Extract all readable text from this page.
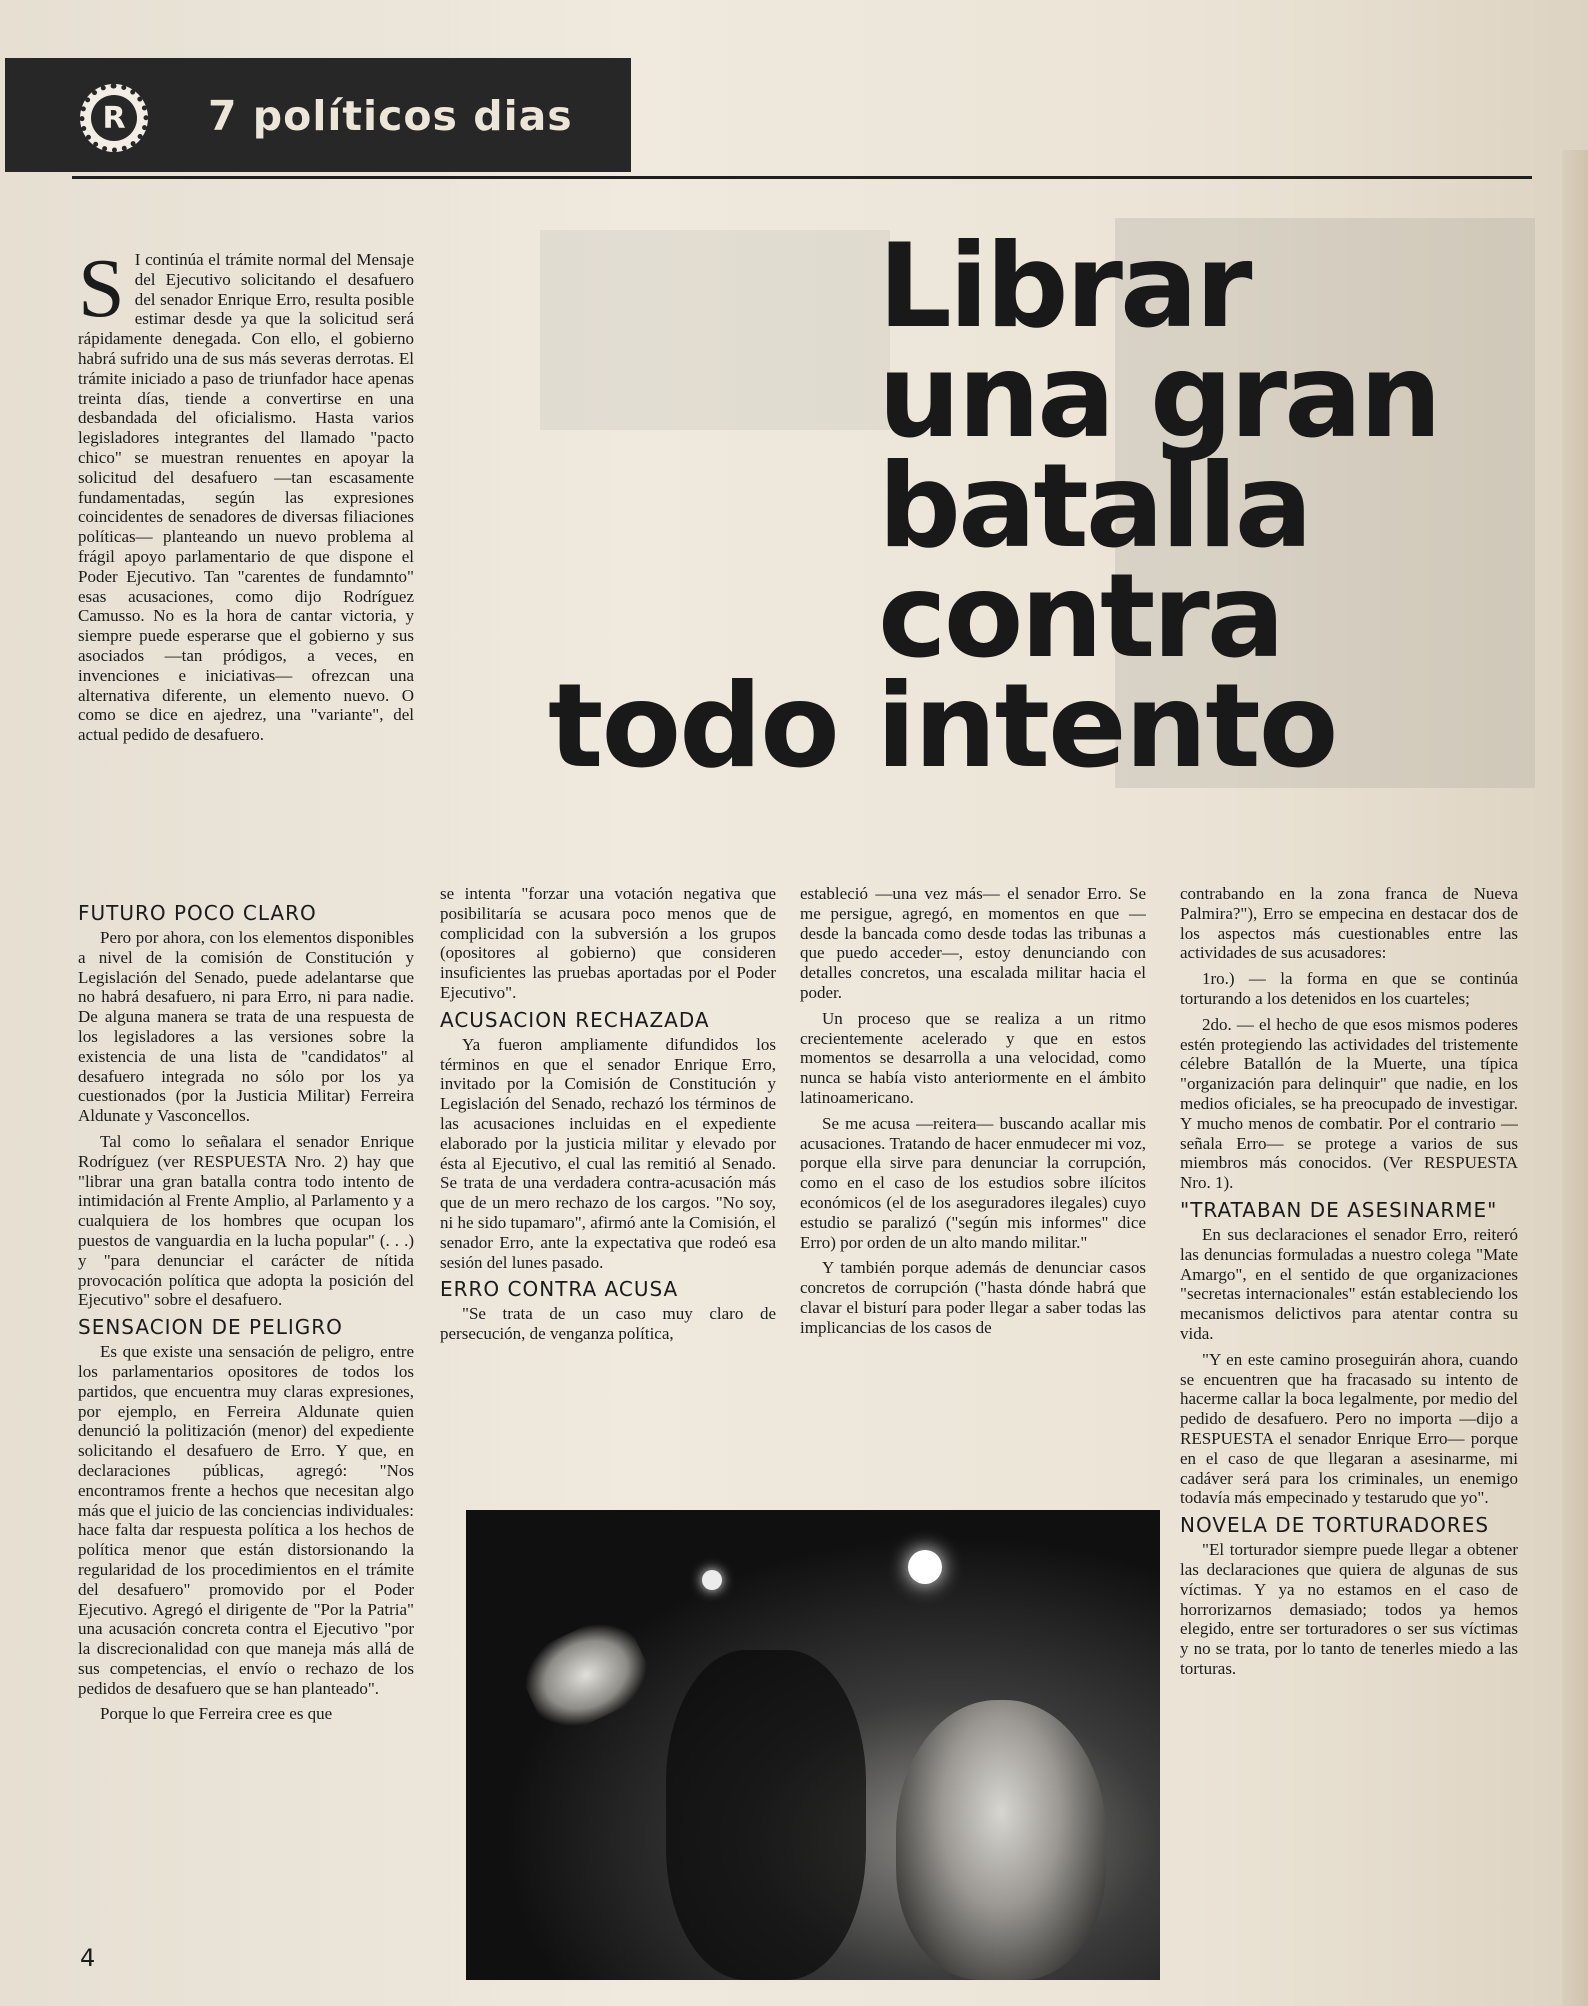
R 7 políticos dias
Librar
una gran
batalla
contra
todo intento
S I continúa el trámite normal del Mensaje del Ejecutivo solicitando el desafuero del senador Enrique Erro, resulta posible estimar desde ya que la solicitud será rápidamente denegada. Con ello, el gobierno habrá sufrido una de sus más severas derrotas. El trámite iniciado a paso de triunfador hace apenas treinta días, tiende a convertirse en una desbandada del oficialismo. Hasta varios legisladores integrantes del llamado "pacto chico" se muestran renuentes en apoyar la solicitud del desafuero —tan escasamente fundamentadas, según las expresiones coincidentes de senadores de diversas filiaciones políticas— planteando un nuevo problema al frágil apoyo parlamentario de que dispone el Poder Ejecutivo. Tan "carentes de fundamnto" esas acusaciones, como dijo Rodríguez Camusso. No es la hora de cantar victoria, y siempre puede esperarse que el gobierno y sus asociados —tan pródigos, a veces, en invenciones e iniciativas— ofrezcan una alternativa diferente, un elemento nuevo. O como se dice en ajedrez, una "variante", del actual pedido de desafuero.

FUTURO POCO CLARO

Pero por ahora, con los elementos disponibles a nivel de la comisión de Constitución y Legislación del Senado, puede adelantarse que no habrá desafuero, ni para Erro, ni para nadie. De alguna manera se trata de una respuesta de los legisladores a las versiones sobre la existencia de una lista de "candidatos" al desafuero integrada no sólo por los ya cuestionados (por la Justicia Militar) Ferreira Aldunate y Vasconcellos.

Tal como lo señalara el senador Enrique Rodríguez (ver RESPUESTA Nro. 2) hay que "librar una gran batalla contra todo intento de intimidación al Frente Amplio, al Parlamento y a cualquiera de los hombres que ocupan los puestos de vanguardia en la lucha popular" (. . .) y "para denunciar el carácter de nítida provocación política que adopta la posición del Ejecutivo" sobre el desafuero.

SENSACION DE PELIGRO

Es que existe una sensación de peligro, entre los parlamentarios opositores de todos los partidos, que encuentra muy claras expresiones, por ejemplo, en Ferreira Aldunate quien denunció la politización (menor) del expediente solicitando el desafuero de Erro. Y que, en declaraciones públicas, agregó: "Nos encontramos frente a hechos que necesitan algo más que el juicio de las conciencias individuales: hace falta dar respuesta política a los hechos de política menor que están distorsionando la regularidad de los procedimientos en el trámite del desafuero" promovido por el Poder Ejecutivo. Agregó el dirigente de "Por la Patria" una acusación concreta contra el Ejecutivo "por la discrecionalidad con que maneja más allá de sus competencias, el envío o rechazo de los pedidos de desafuero que se han planteado".

Porque lo que Ferreira cree es que

se intenta "forzar una votación negativa que posibilitaría se acusara poco menos que de complicidad con la subversión a los grupos (opositores al gobierno) que consideren insuficientes las pruebas aportadas por el Poder Ejecutivo".

ACUSACION RECHAZADA

Ya fueron ampliamente difundidos los términos en que el senador Enrique Erro, invitado por la Comisión de Constitución y Legislación del Senado, rechazó los términos de las acusaciones incluidas en el expediente elaborado por la justicia militar y elevado por ésta al Ejecutivo, el cual las remitió al Senado. Se trata de una verdadera contra-acusación más que de un mero rechazo de los cargos. "No soy, ni he sido tupamaro", afirmó ante la Comisión, el senador Erro, ante la expectativa que rodeó esa sesión del lunes pasado.

ERRO CONTRA ACUSA

"Se trata de un caso muy claro de persecución, de venganza política,

estableció —una vez más— el senador Erro. Se me persigue, agregó, en momentos en que —desde la bancada como desde todas las tribunas a que puedo acceder—, estoy denunciando con detalles concretos, una escalada militar hacia el poder.

Un proceso que se realiza a un ritmo crecientemente acelerado y que en estos momentos se desarrolla a una velocidad, como nunca se había visto anteriormente en el ámbito latinoamericano.

Se me acusa —reitera— buscando acallar mis acusaciones. Tratando de hacer enmudecer mi voz, porque ella sirve para denunciar la corrupción, como en el caso de los estudios sobre ilícitos económicos (el de los aseguradores ilegales) cuyo estudio se paralizó ("según mis informes" dice Erro) por orden de un alto mando militar."

Y también porque además de denunciar casos concretos de corrupción ("hasta dónde habrá que clavar el bisturí para poder llegar a saber todas las implicancias de los casos de

contrabando en la zona franca de Nueva Palmira?"), Erro se empecina en destacar dos de los aspectos más cuestionables entre las actividades de sus acusadores:

1ro.) — la forma en que se continúa torturando a los detenidos en los cuarteles;

2do. — el hecho de que esos mismos poderes estén protegiendo las actividades del tristemente célebre Batallón de la Muerte, una típica "organización para delinquir" que nadie, en los medios oficiales, se ha preocupado de investigar. Y mucho menos de combatir. Por el contrario —señala Erro— se protege a varios de sus miembros más conocidos. (Ver RESPUESTA Nro. 1).

"TRATABAN DE ASESINARME"

En sus declaraciones el senador Erro, reiteró las denuncias formuladas a nuestro colega "Mate Amargo", en el sentido de que organizaciones "secretas internacionales" están estableciendo los mecanismos delictivos para atentar contra su vida.

"Y en este camino proseguirán ahora, cuando se encuentren que ha fracasado su intento de hacerme callar la boca legalmente, por medio del pedido de desafuero. Pero no importa —dijo a RESPUESTA el senador Enrique Erro— porque en el caso de que llegaran a asesinarme, mi cadáver será para los criminales, un enemigo todavía más empecinado y testarudo que yo".

NOVELA DE TORTURADORES

"El torturador siempre puede llegar a obtener las declaraciones que quiera de algunas de sus víctimas. Y ya no estamos en el caso de horrorizarnos demasiado; todos ya hemos elegido, entre ser torturadores o ser sus víctimas y no se trata, por lo tanto de tenerles miedo a las torturas.

4
